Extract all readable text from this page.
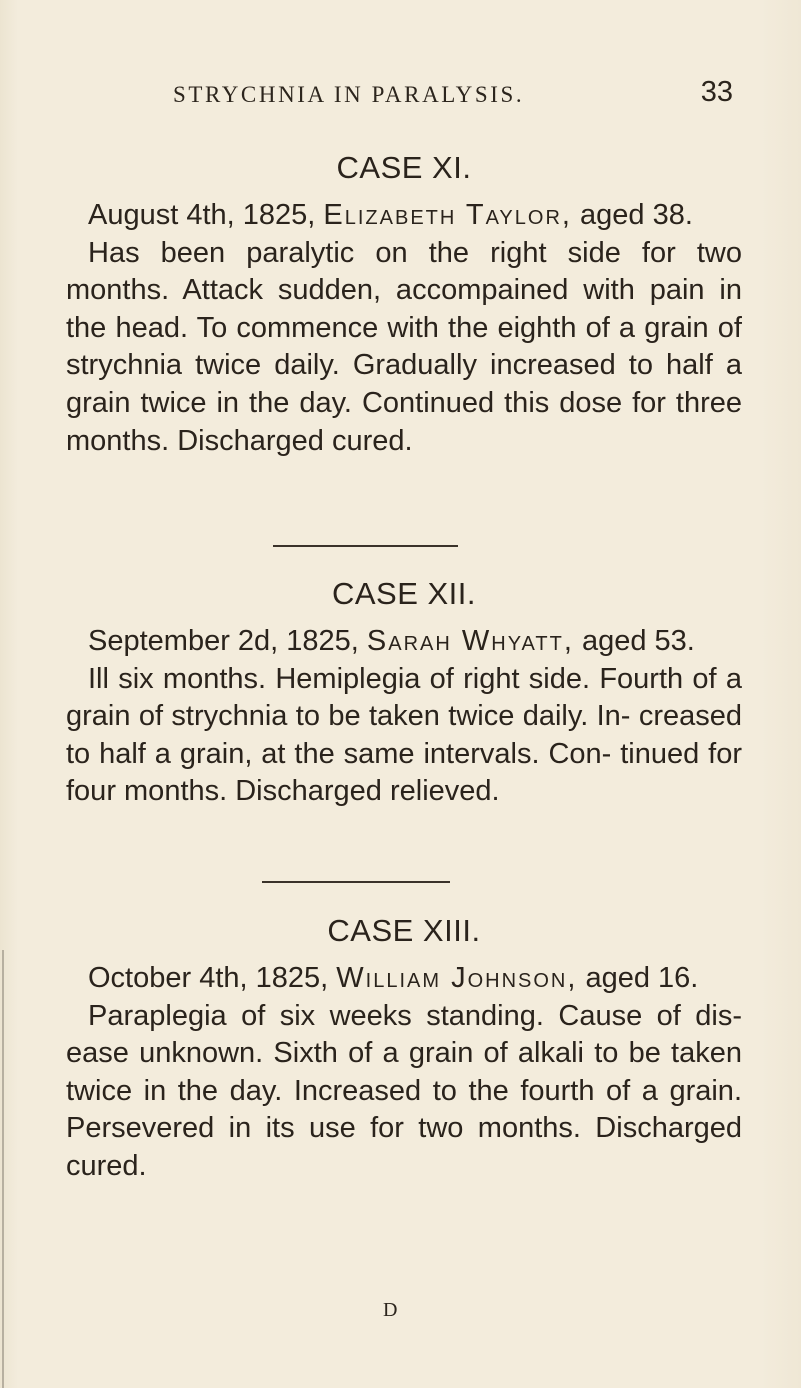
STRYCHNIA IN PARALYSIS.	33
CASE XI.

August 4th, 1825, Elizabeth Taylor, aged 38.
Has been paralytic on the right side for two months. Attack sudden, accompained with pain in the head. To commence with the eighth of a grain of strychnia twice daily. Gradually increased to half a grain twice in the day. Continued this dose for three months. Discharged cured.

CASE XII.

September 2d, 1825, Sarah Whyatt, aged 53.
Ill six months. Hemiplegia of right side. Fourth of a grain of strychnia to be taken twice daily. In- creased to half a grain, at the same intervals. Con- tinued for four months. Discharged relieved.

CASE XIII.

October 4th, 1825, William Johnson, aged 16.
Paraplegia of six weeks standing. Cause of dis- ease unknown. Sixth of a grain of alkali to be taken twice in the day. Increased to the fourth of a grain. Persevered in its use for two months. Discharged cured.

D
